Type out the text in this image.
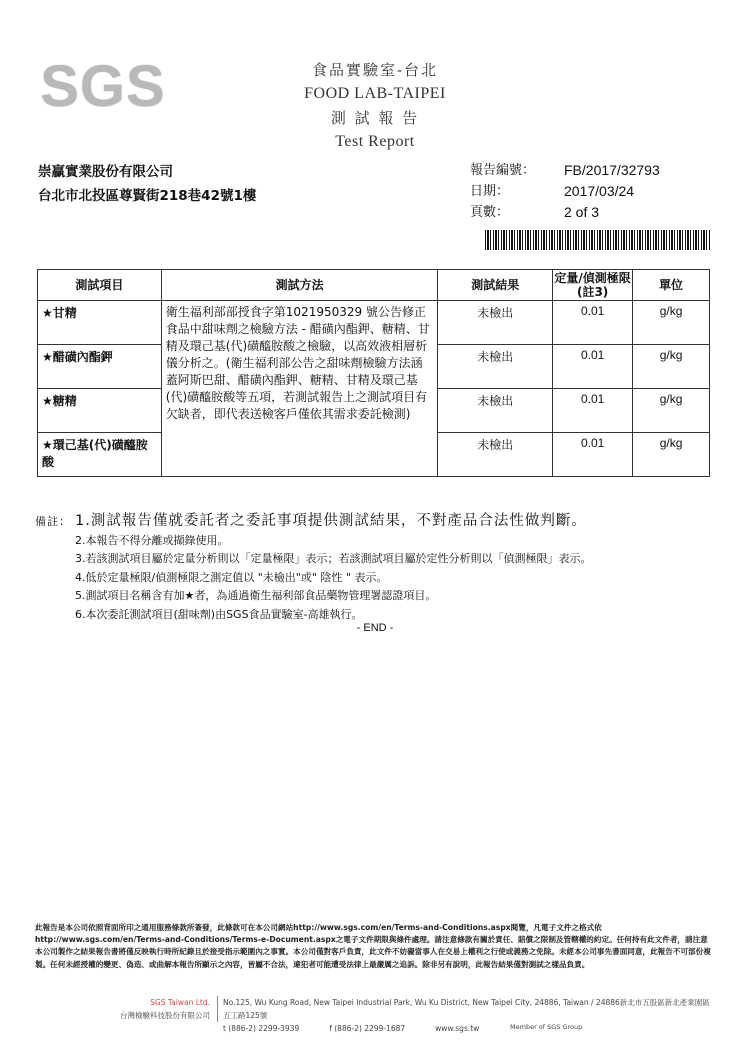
SGS	食品實驗室-台北
FOOD LAB-TAIPEI
測 試 報 告
Test Report
崇贏實業股份有限公司
台北市北投區尊賢街218巷42號1樓
報告編號：	FB/2017/32793
日期：	2017/03/24
頁數：	2 of 3
測試項目	測試方法	測試結果	定量/偵測極限(註3)	單位
★甘精	衛生福利部部授食字第1021950329 號公告修正食品中甜味劑之檢驗方法 - 醋磺內酯鉀、糖精、甘精及環己基(代)磺醯胺酸之檢驗，以高效液相層析儀分析之。(衛生福利部公告之甜味劑檢驗方法涵蓋阿斯巴甜、醋磺內酯鉀、糖精、甘精及環己基(代)磺醯胺酸等五項，若測試報告上之測試項目有欠缺者，即代表送檢客戶僅依其需求委託檢測)	未檢出	0.01	g/kg
★醋磺內酯鉀		未檢出	0.01	g/kg
★糖精		未檢出	0.01	g/kg
★環己基(代)磺醯胺酸		未檢出	0.01	g/kg
備註： 1.測試報告僅就委託者之委託事項提供測試結果，不對產品合法性做判斷。
2.本報告不得分離或擷錄使用。
3.若該測試項目屬於定量分析則以「定量極限」表示；若該測試項目屬於定性分析則以「偵測極限」表示。
4.低於定量極限/偵測極限之測定值以 "未檢出"或" 陰性 " 表示。
5.測試項目名稱含有加★者，為通過衛生福利部食品藥物管理署認證項目。
6.本次委託測試項目(甜味劑)由SGS食品實驗室-高雄執行。
- END -
此報告是本公司依照背面所印之通用服務條款所簽發，此條款可在本公司網站http://www.sgs.com/en/Terms-and-Conditions.aspx閱覽，凡電子文件之格式依http://www.sgs.com/en/Terms-and-Conditions/Terms-e-Document.aspx之電子文件期限與條件處理。請注意條款有關於責任、賠償之限制及管轄權的約定。任何持有此文件者，請注意本公司製作之結果報告書將僅反映執行時所紀錄且於接受指示範圍內之事實。本公司僅對客戶負責，此文件不妨礙當事人在交易上權利之行使或義務之免除。未經本公司事先書面同意，此報告不可部份複製。任何未經授權的變更、偽造、或曲解本報告所顯示之內容，皆屬不合法，違犯者可能遭受法律上最嚴厲之追訴。除非另有說明，此報告結果僅對測試之樣品負責。
SGS Taiwan Ltd.
台灣檢驗科技股份有限公司
No.125, Wu Kung Road, New Taipei Industrial Park, Wu Ku District, New Taipei City, 24886, Taiwan / 24886新北市五股區新北產業園區五工路125號
t (886-2) 2299-3939	f (886-2) 2299-1687	www.sgs.tw	Member of SGS Group
